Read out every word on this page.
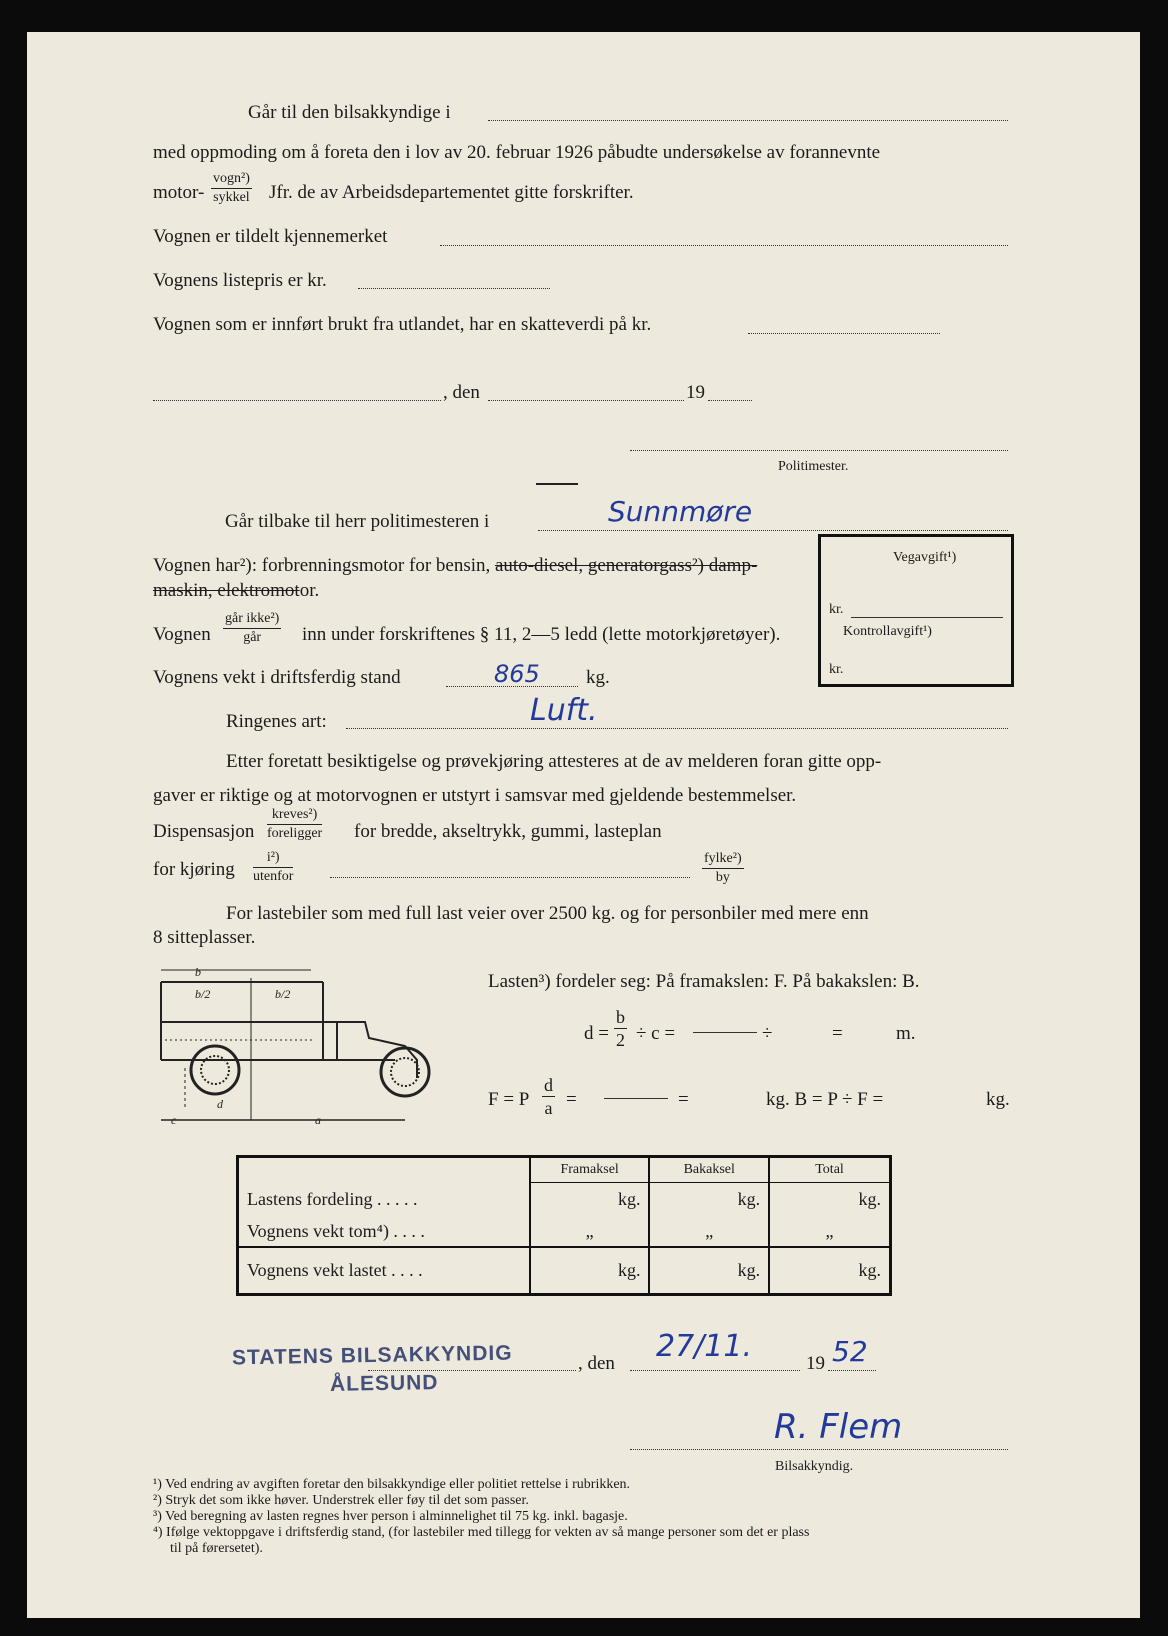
Går til den bilsakkyndige i
med oppmoding om å foreta den i lov av 20. februar 1926 påbudte undersøkelse av forannevnte
motor-
vogn²)
sykkel Jfr. de av Arbeidsdepartementet gitte forskrifter.
Vognen er tildelt kjennemerket
Vognens listepris er kr.
Vognen som er innført brukt fra utlandet, har en skatteverdi på kr.
, den	19
Politimester.
Går tilbake til herr politimesteren i	Sunnmøre
Vognen har²): forbrenningsmotor for bensin, auto-diesel, generatorgass²) damp-
maskin, elektromotor.
Vognen
går ikke²)
går	inn under forskriftenes § 11, 2—5 ledd (lette motorkjøretøyer).
Vognens vekt i driftsferdig stand	865 kg.
Ringenes art:	Luft.
Etter foretatt besiktigelse og prøvekjøring attesteres at de av melderen foran gitte opp-
gaver er riktige og at motorvognen er utstyrt i samsvar med gjeldende bestemmelser.
Dispensasjon
kreves²)
foreligger for bredde, akseltrykk, gummi, lasteplan
for kjøring
i²)
utenfor
fylke²)
by
For lastebiler som med full last veier over 2500 kg. og for personbiler med mere enn
8 sitteplasser.
Vegavgift¹)
kr.
Kontrollavgift¹)
kr.
b
b/2	b/2
d
c	a
Lasten³) fordeler seg: På framakslen: F. På bakakslen: B.
$d = \frac{b}{2} \div c$ =	÷	=	m.
F = P $\frac{d}{a}$ =	=	kg. B = P ÷ F =	kg.
	Framaksel	Bakaksel	Total
Lastens fordeling . . . . .	kg.	kg.	kg.
Vognens vekt tom⁴) . . . .	„	„	„
Vognens vekt lastet . . . .	kg.	kg.	kg.
STATENS BILSAKKYNDIG
ÅLESUND
, den 27/11.	19 52
R. Flem
Bilsakkyndig.
¹) Ved endring av avgiften foretar den bilsakkyndige eller politiet rettelse i rubrikken.
²) Stryk det som ikke høver. Understrek eller føy til det som passer.
³) Ved beregning av lasten regnes hver person i alminnelighet til 75 kg. inkl. bagasje.
⁴) Ifølge vektoppgave i driftsferdig stand, (for lastebiler med tillegg for vekten av så mange personer som det er plass
til på førersetet).
